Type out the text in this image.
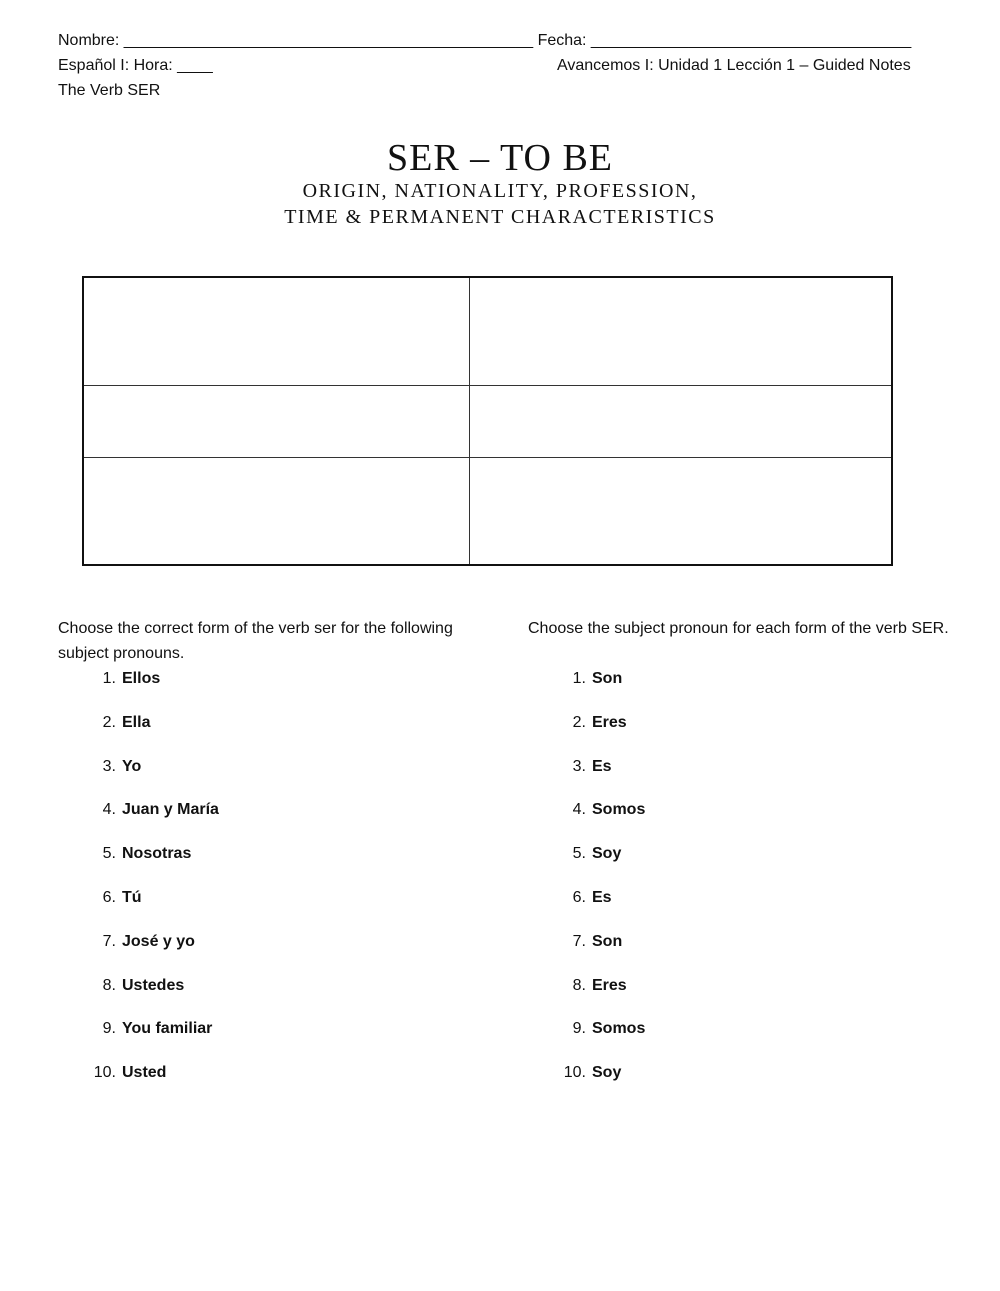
Nombre: ______________________________________________ Fecha: ____________________________________
Español I: Hora: ____	Avancemos I: Unidad 1 Lección 1 – Guided Notes
The Verb SER
SER – TO BE
ORIGIN, NATIONALITY, PROFESSION,
TIME & PERMANENT CHARACTERISTICS

Choose the correct form of the verb ser for the following subject pronouns.

1. Ellos
2. Ella
3. Yo
4. Juan y María
5. Nosotras
6. Tú
7. José y yo
8. Ustedes
9. You familiar
10. Usted

Choose the subject pronoun for each form of the verb SER.

1. Son
2. Eres
3. Es
4. Somos
5. Soy
6. Es
7. Son
8. Eres
9. Somos
10. Soy
